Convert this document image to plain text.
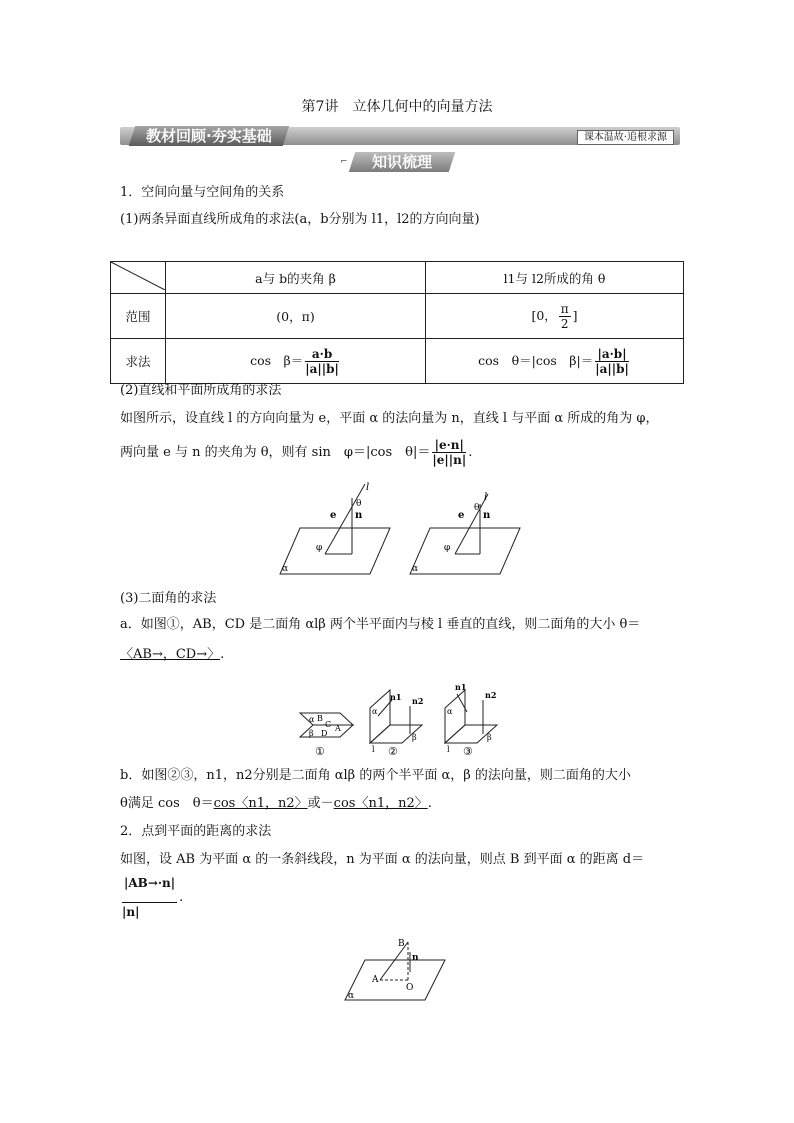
第7讲　立体几何中的向量方法
教材回顾·夯实基础	课本温故·追根求源
⌐	知识梳理
1．空间向量与空间角的关系
(1)两条异面直线所成角的求法(a，b分别为 l1，l2的方向向量)
	a与 b的夹角 β	l1与 l2所成的角 θ
范围	(0，π)	[0， $\frac{\pi}{2}$ ]
求法	cos　$\beta= \frac{a\cdot b}{|a||b|}$	cos　θ＝|cos　$\beta|= \frac{|a\cdot b|}{|a||b|}$
(2)直线和平面所成角的求法
如图所示，设直线 l 的方向向量为 e，平面 α 的法向量为 n，直线 l 与平面 α 所成的角为 φ，
两向量 e 与 n 的夹角为 θ，则有 sin　φ＝|cos　$\theta|= \frac{|e\cdot n|}{|e||n|}$ .
l
e n
θ
φ
α
l
e n
θ
φ
α
(3)二面角的求法
a．如图①，AB，CD 是二面角 αlβ 两个半平面内与棱 l 垂直的直线，则二面角的大小 θ＝
〈AB→，CD→〉.
α B
C
β D
A
①
n1 n2
α
β
l ②
n1
n2
α
β
l ③
b．如图②③，n1，n2分别是二面角 αlβ 的两个半平面 α，β 的法向量，则二面角的大小
θ满足 cos　θ＝cos〈n1，n2〉或－cos〈n1，n2〉.
2．点到平面的距离的求法
如图，设 AB 为平面 α 的一条斜线段，n 为平面 α 的法向量，则点 B 到平面 α 的距离 d＝
$\frac{|AB\to\cdot n|}{|n|}$ .
B
A
O
n
α
